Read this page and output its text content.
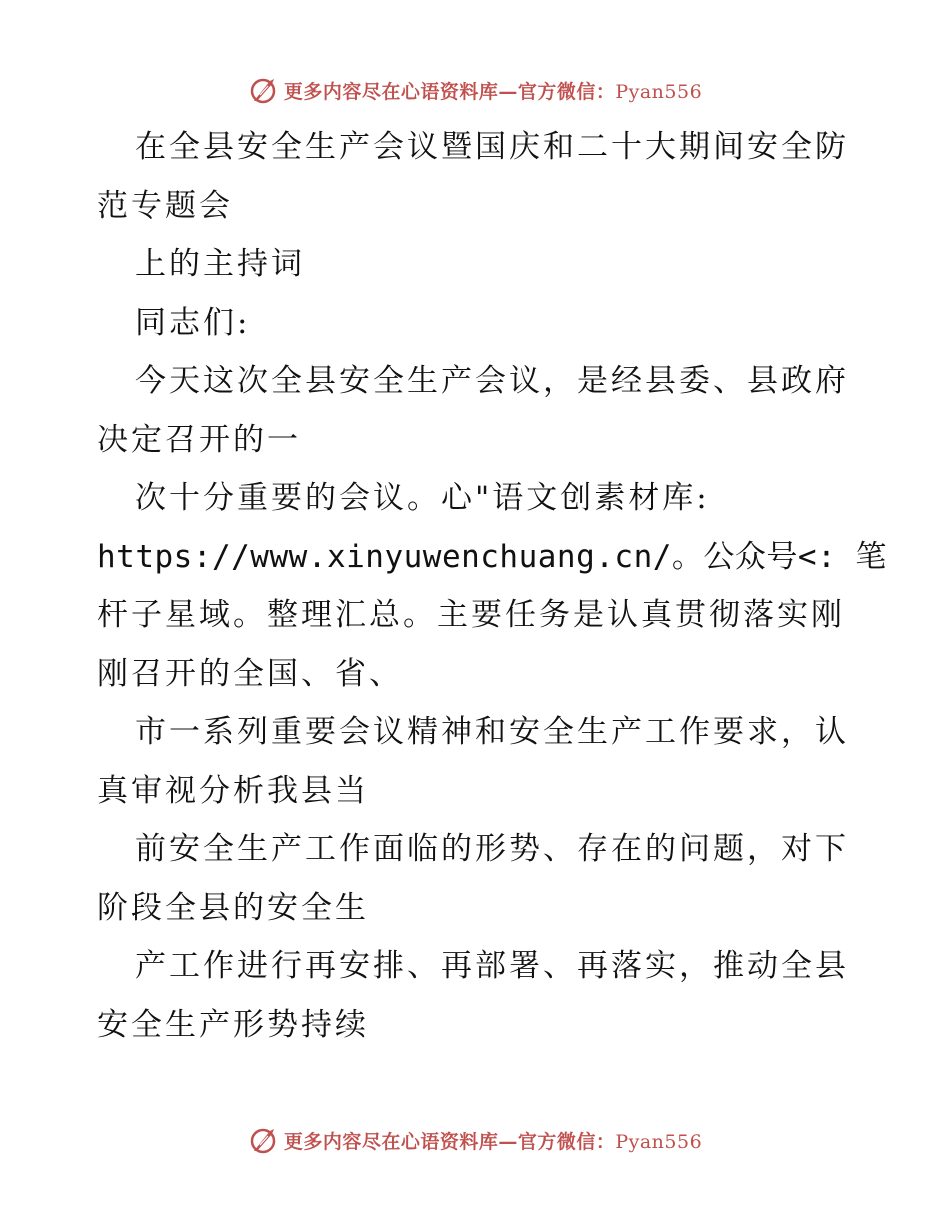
更多内容尽在心语资料库—官方微信：Pyan556

在全县安全生产会议暨国庆和二十大期间安全防

范专题会

上的主持词

同志们:

今天这次全县安全生产会议，是经县委、县政府

决定召开的一

次十分重要的会议。心"语文创素材库:

https://www.xinyuwenchuang.cn/。公众号<: 笔

杆子星域。整理汇总。主要任务是认真贯彻落实刚

刚召开的全国、省、

市一系列重要会议精神和安全生产工作要求，认

真审视分析我县当

前安全生产工作面临的形势、存在的问题，对下

阶段全县的安全生

产工作进行再安排、再部署、再落实，推动全县

安全生产形势持续

更多内容尽在心语资料库—官方微信：Pyan556
